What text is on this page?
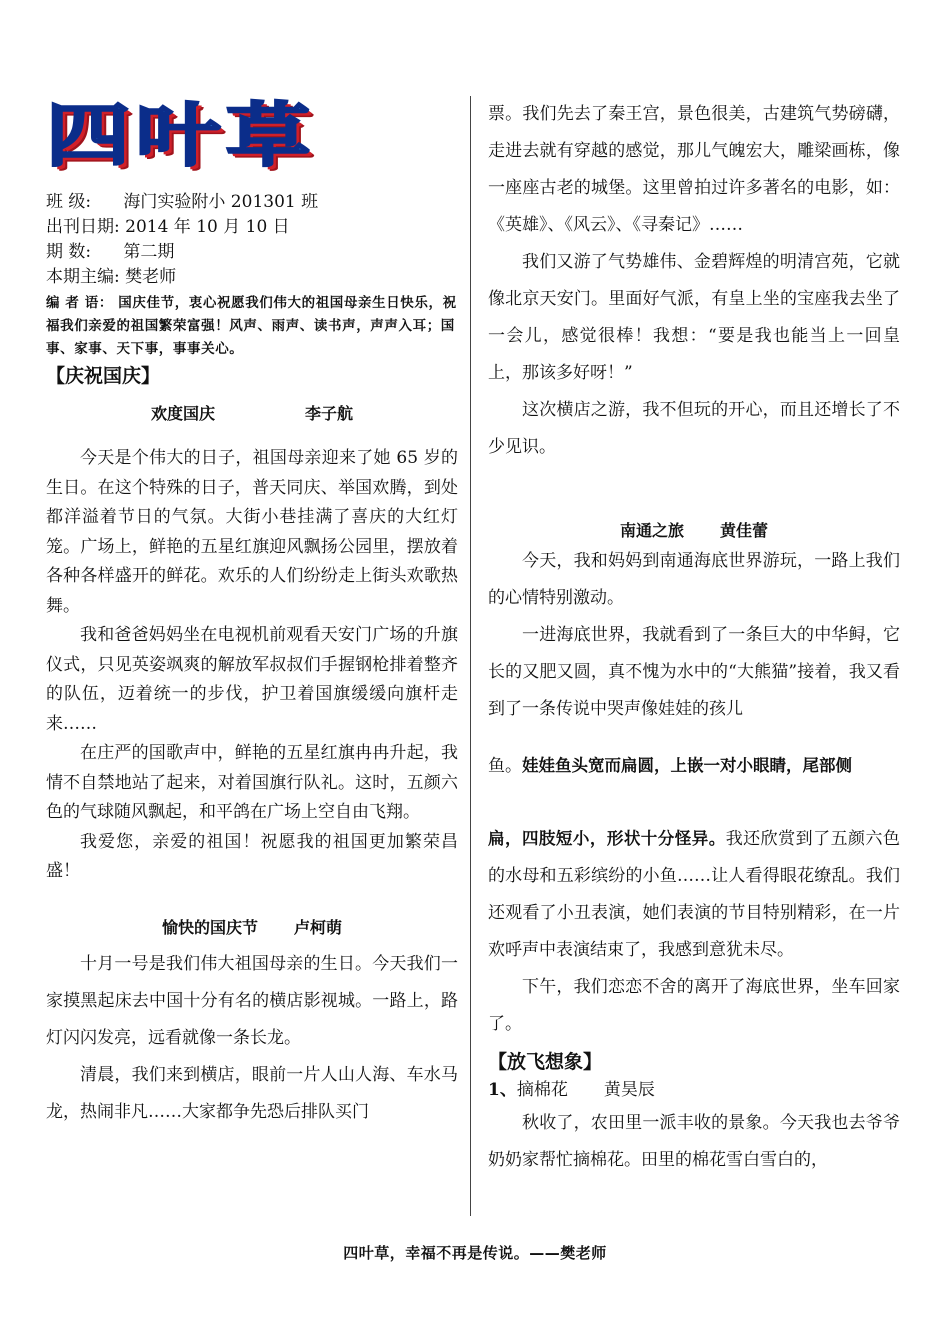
四叶草
班 级: 海门实验附小 201301 班
出刊日期: 2014 年 10 月 10 日
期 数: 第二期
本期主编: 樊老师
编 者 语： 国庆佳节，衷心祝愿我们伟大的祖国母亲生日快乐，祝福我们亲爱的祖国繁荣富强！风声、雨声、读书声，声声入耳；国事、家事、天下事，事事关心。
【庆祝国庆】
欢度国庆	李子航

今天是个伟大的日子，祖国母亲迎来了她 65 岁的生日。在这个特殊的日子，普天同庆、举国欢腾，到处都洋溢着节日的气氛。大街小巷挂满了喜庆的大红灯笼。广场上，鲜艳的五星红旗迎风飘扬公园里，摆放着各种各样盛开的鲜花。欢乐的人们纷纷走上街头欢歌热舞。

我和爸爸妈妈坐在电视机前观看天安门广场的升旗仪式，只见英姿飒爽的解放军叔叔们手握钢枪排着整齐的队伍，迈着统一的步伐，护卫着国旗缓缓向旗杆走来……

在庄严的国歌声中，鲜艳的五星红旗冉冉升起，我情不自禁地站了起来，对着国旗行队礼。这时，五颜六色的气球随风飘起，和平鸽在广场上空自由飞翔。

我爱您，亲爱的祖国！祝愿我的祖国更加繁荣昌盛！

愉快的国庆节 卢柯萌

十月一号是我们伟大祖国母亲的生日。今天我们一家摸黑起床去中国十分有名的横店影视城。一路上，路灯闪闪发亮，远看就像一条长龙。

清晨，我们来到横店，眼前一片人山人海、车水马龙，热闹非凡……大家都争先恐后排队买门

票。我们先去了秦王宫，景色很美，古建筑气势磅礴，走进去就有穿越的感觉，那儿气魄宏大，雕梁画栋，像一座座古老的城堡。这里曾拍过许多著名的电影，如：《英雄》、《风云》、《寻秦记》……

我们又游了气势雄伟、金碧辉煌的明清宫苑，它就像北京天安门。里面好气派，有皇上坐的宝座我去坐了一会儿，感觉很棒！我想：“要是我也能当上一回皇上，那该多好呀！”

这次横店之游，我不但玩的开心，而且还增长了不少见识。

南通之旅 黄佳蕾

今天，我和妈妈到南通海底世界游玩，一路上我们的心情特别激动。

一进海底世界，我就看到了一条巨大的中华鲟，它长的又肥又圆，真不愧为水中的“大熊猫”接着，我又看到了一条传说中哭声像娃娃的孩儿

鱼。娃娃鱼头宽而扁圆，上嵌一对小眼睛，尾部侧

扁，四肢短小，形状十分怪异。我还欣赏到了五颜六色的水母和五彩缤纷的小鱼……让人看得眼花缭乱。我们还观看了小丑表演，她们表演的节目特别精彩，在一片欢呼声中表演结束了，我感到意犹未尽。

下午，我们恋恋不舍的离开了海底世界，坐车回家了。

【放飞想象】
1、摘棉花 黄昊辰

秋收了，农田里一派丰收的景象。今天我也去爷爷奶奶家帮忙摘棉花。田里的棉花雪白雪白的，

四叶草，幸福不再是传说。——樊老师
